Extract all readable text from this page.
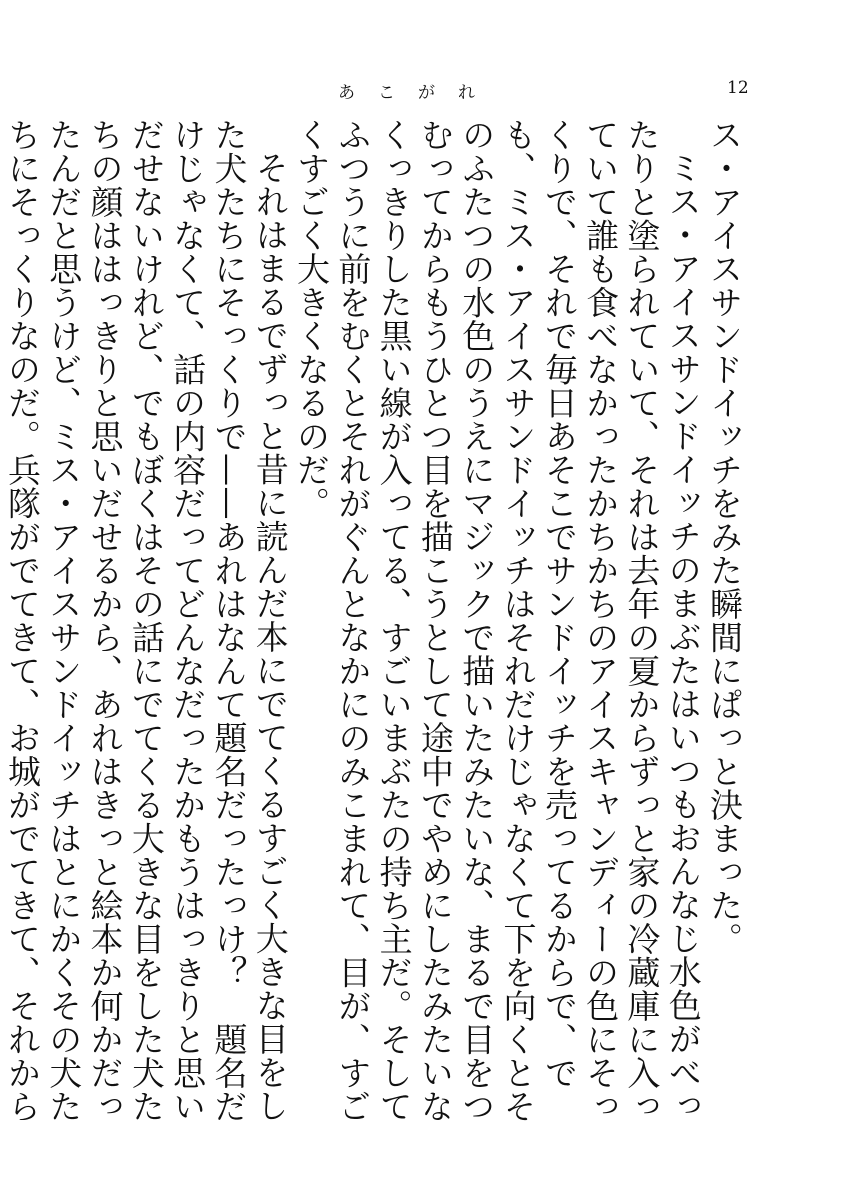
あこがれ	12

ス・アイスサンドイッチをみた瞬間にぱっと決まった。

ミス・アイスサンドイッチのまぶたはいつもおんなじ水色がべったりと塗られていて、それは去年の夏からずっと家の冷蔵庫に入っていて誰も食べなかったかちかちのアイスキャンディーの色にそっくりで、それで毎日あそこでサンドイッチを売ってるからで、でも、ミス・アイスサンドイッチはそれだけじゃなくて下を向くとそのふたつの水色のうえにマジックで描いたみたいな、まるで目をつむってからもうひとつ目を描こうとして途中でやめにしたみたいなくっきりした黒い線が入ってる、すごいまぶたの持ち主だ。そしてふつうに前をむくとそれがぐんとなかにのみこまれて、目が、すごくすごく大きくなるのだ。

それはまるでずっと昔に読んだ本にでてくるすごく大きな目をした犬たちにそっくりで——あれはなんて題名だったっけ？　題名だけじゃなくて、話の内容だってどんなだったかもうはっきりと思いだせないけれど、でもぼくはその話にでてくる大きな目をした犬たちの顔ははっきりと思いだせるから、あれはきっと絵本か何かだったんだと思うけど、ミス・アイスサンドイッチはとにかくその犬たちにそっくりなのだ。兵隊がでてきて、お城がでてきて、それから
